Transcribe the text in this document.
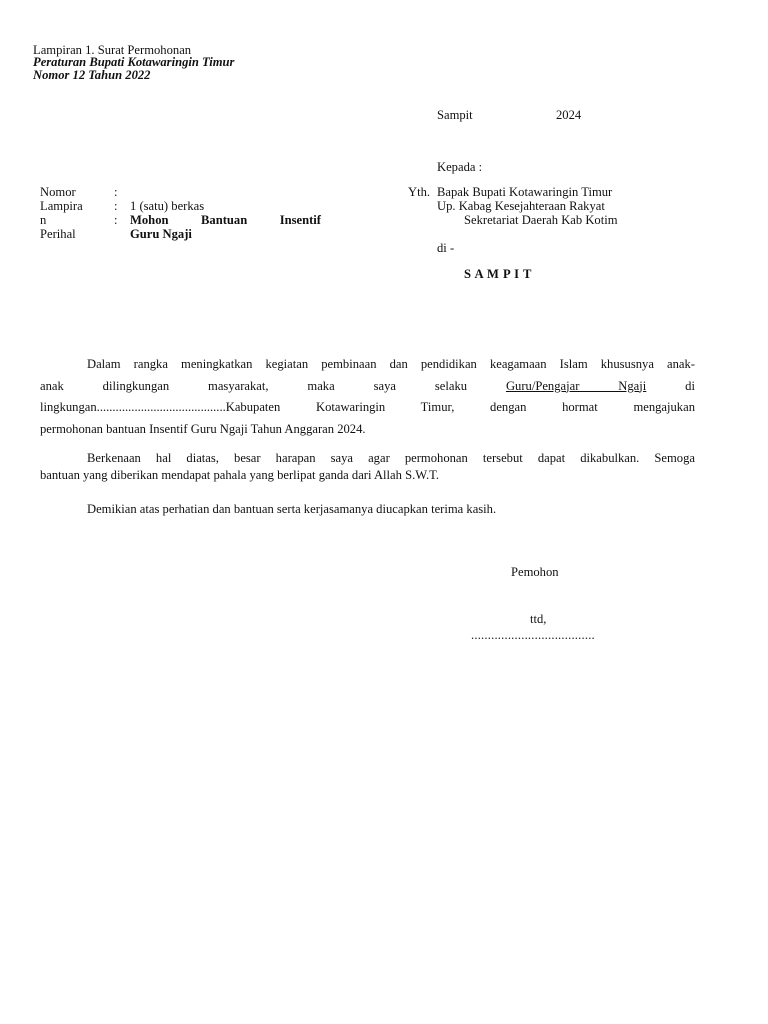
Lampiran 1. Surat Permohonan
Peraturan Bupati Kotawaringin Timur
Nomor 12 Tahun 2022
Sampit	2024
Kepada :
Yth. Bapak Bupati Kotawaringin Timur
Up. Kabag Kesejahteraan Rakyat
Sekretariat Daerah Kab Kotim
di -
S A M P I T
Nomor
Lampira
n
Perihal
:
:
:
1 (satu) berkas
Mohon Bantuan Insentif
Guru Ngaji
Dalam rangka meningkatkan kegiatan pembinaan dan pendidikan keagamaan Islam khususnya anak-
anak dilingkungan masyarakat, maka saya selaku Guru/Pengajar Ngaji di
lingkungan.........................................Kabupaten Kotawaringin Timur, dengan hormat mengajukan
permohonan bantuan Insentif Guru Ngaji Tahun Anggaran 2024.
Berkenaan hal diatas, besar harapan saya agar permohonan tersebut dapat dikabulkan. Semoga
bantuan yang diberikan mendapat pahala yang berlipat ganda dari Allah S.W.T.
Demikian atas perhatian dan bantuan serta kerjasamanya diucapkan terima kasih.
Pemohon
ttd,
.....................................
